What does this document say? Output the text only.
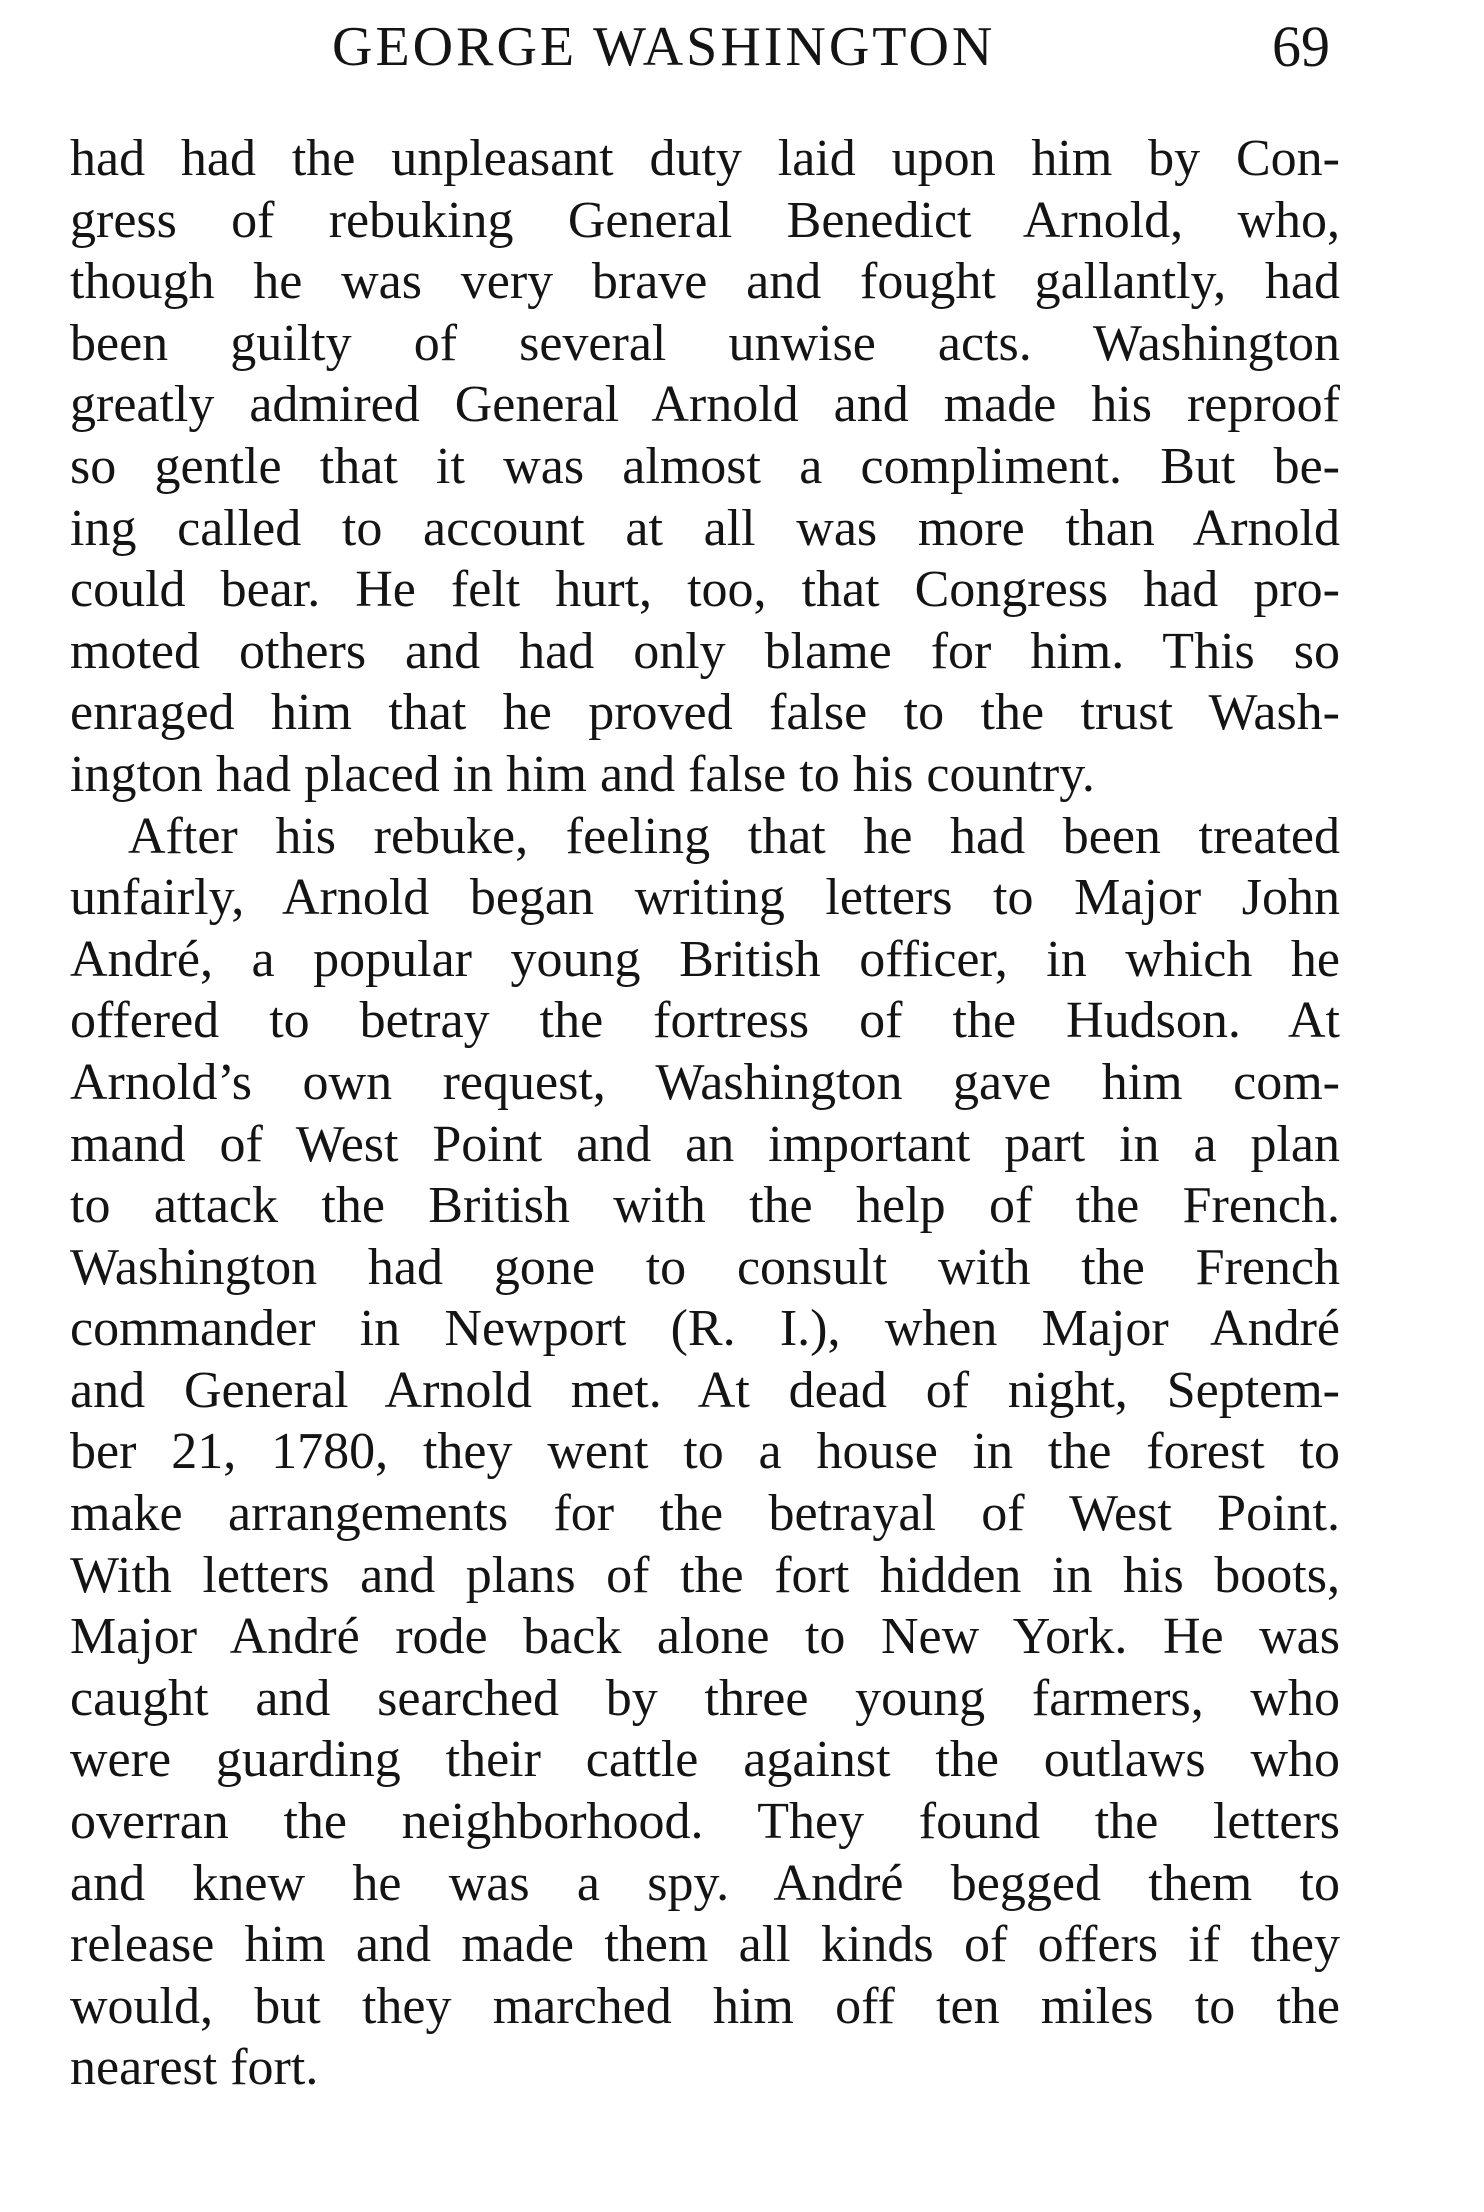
GEORGE WASHINGTON	69
had had the unpleasant duty laid upon him by Con-
gress of rebuking General Benedict Arnold, who,
though he was very brave and fought gallantly, had
been guilty of several unwise acts. Washington
greatly admired General Arnold and made his reproof
so gentle that it was almost a compliment. But be-
ing called to account at all was more than Arnold
could bear. He felt hurt, too, that Congress had pro-
moted others and had only blame for him. This so
enraged him that he proved false to the trust Wash-
ington had placed in him and false to his country.
After his rebuke, feeling that he had been treated
unfairly, Arnold began writing letters to Major John
André, a popular young British officer, in which he
offered to betray the fortress of the Hudson. At
Arnold’s own request, Washington gave him com-
mand of West Point and an important part in a plan
to attack the British with the help of the French.
Washington had gone to consult with the French
commander in Newport (R. I.), when Major André
and General Arnold met. At dead of night, Septem-
ber 21, 1780, they went to a house in the forest to
make arrangements for the betrayal of West Point.
With letters and plans of the fort hidden in his boots,
Major André rode back alone to New York. He was
caught and searched by three young farmers, who
were guarding their cattle against the outlaws who
overran the neighborhood. They found the letters
and knew he was a spy. André begged them to
release him and made them all kinds of offers if they
would, but they marched him off ten miles to the
nearest fort.
